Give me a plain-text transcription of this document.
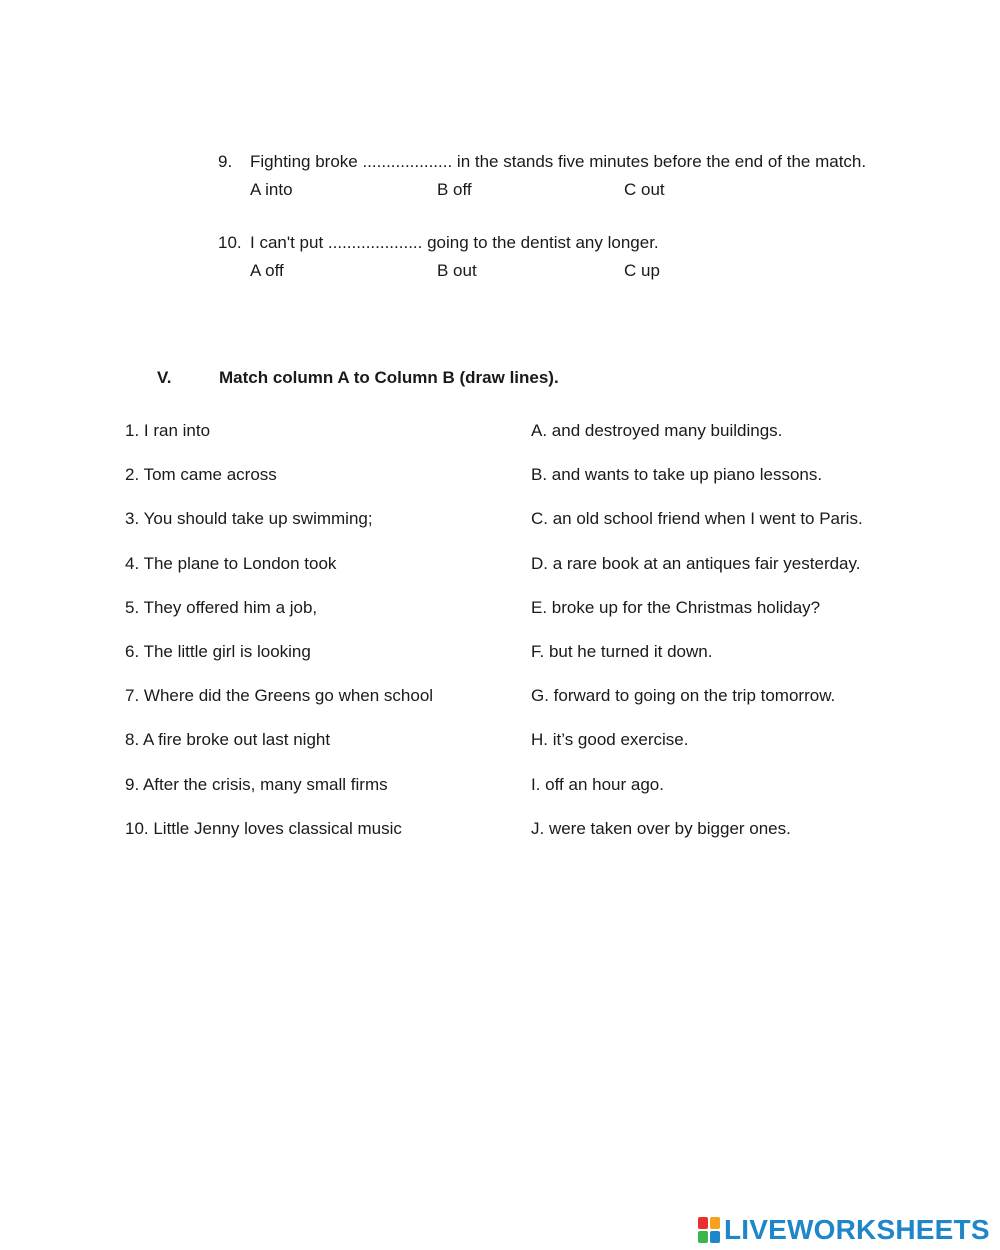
9.	Fighting broke ................... in the stands five minutes before the end of the match.
A into	B off	C out
10. I can't put .................... going to the dentist any longer.
A off	B out	C up
V.	Match column A to Column B (draw lines).
1. I ran into	A. and destroyed many buildings.
2. Tom came across	B. and wants to take up piano lessons.
3. You should take up swimming;	C. an old school friend when I went to Paris.
4. The plane to London took	D. a rare book at an antiques fair yesterday.
5. They offered him a job,	E. broke up for the Christmas holiday?
6. The little girl is looking	F. but he turned it down.
7. Where did the Greens go when school	G. forward to going on the trip tomorrow.
8. A fire broke out last night	H. it’s good exercise.
9. After the crisis, many small firms	I. off an hour ago.
10. Little Jenny loves classical music	J. were taken over by bigger ones.
LIVEWORKSHEETS
